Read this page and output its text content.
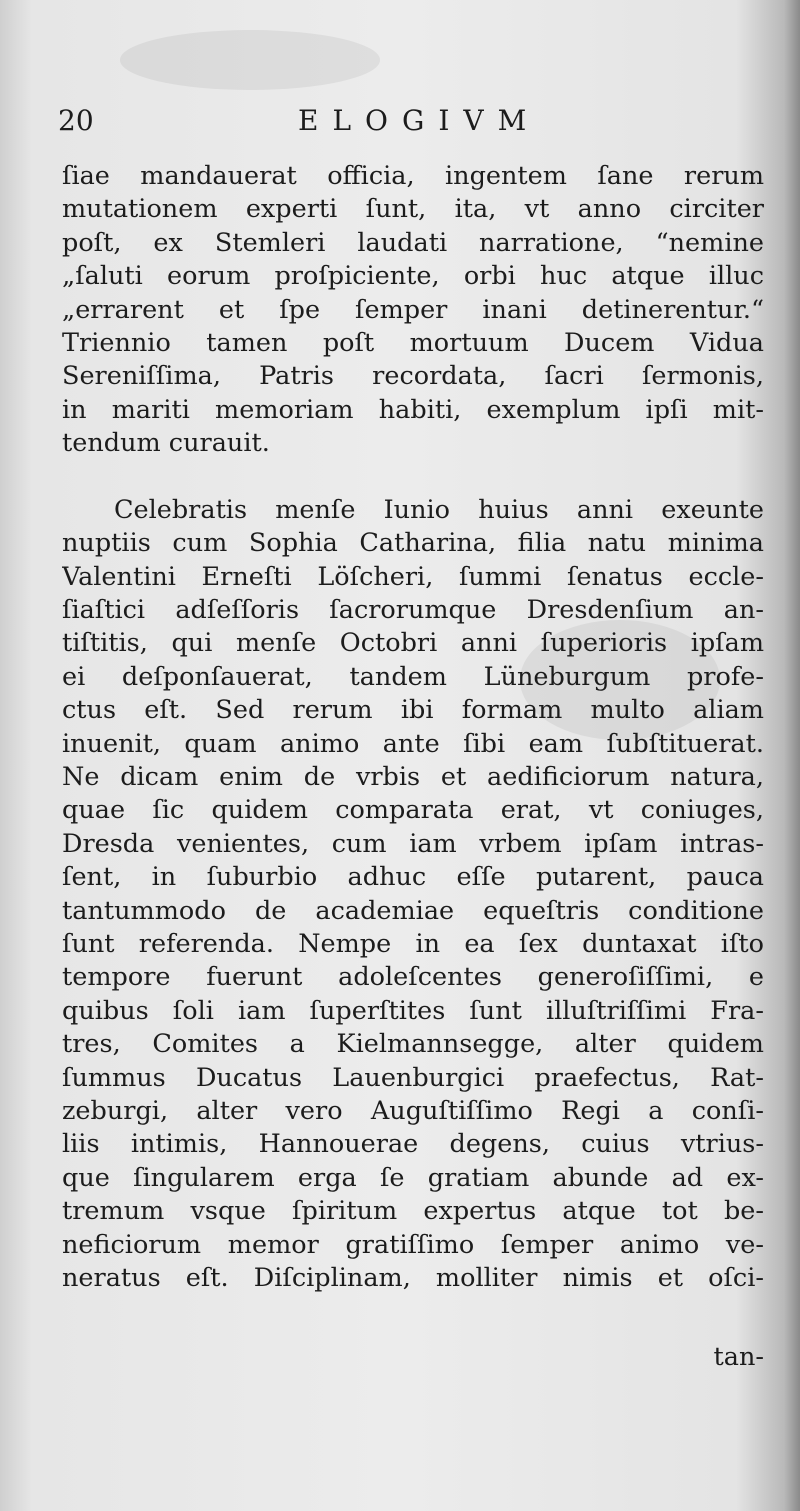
20	ELOGIVM
ſiae mandauerat officia, ingentem ſane rerum
mutationem experti ſunt, ita, vt anno circiter
poſt, ex Stemleri laudati narratione, “nemine
„ſaluti eorum proſpiciente, orbi huc atque illuc
„errarent et ſpe ſemper inani detinerentur.“
Triennio tamen poſt mortuum Ducem Vidua
Sereniſſima, Patris recordata, ſacri ſermonis,
in mariti memoriam habiti, exemplum ipſi mit-
tendum curauit.
Celebratis menſe Iunio huius anni exeunte
nuptiis cum Sophia Catharina, filia natu minima
Valentini Erneſti Löſcheri, ſummi ſenatus eccle-
ſiaſtici adſeſſoris ſacrorumque Dresdenſium an-
tiſtitis, qui menſe Octobri anni ſuperioris ipſam
ei deſponſauerat, tandem Lüneburgum profe-
ctus eſt. Sed rerum ibi formam multo aliam
inuenit, quam animo ante ſibi eam ſubſtituerat.
Ne dicam enim de vrbis et aedificiorum natura,
quae ſic quidem comparata erat, vt coniuges,
Dresda venientes, cum iam vrbem ipſam intras-
ſent, in ſuburbio adhuc eſſe putarent, pauca
tantummodo de academiae equeſtris conditione
ſunt referenda. Nempe in ea ſex duntaxat iſto
tempore fuerunt adoleſcentes generoſiſſimi, e
quibus ſoli iam ſuperſtites ſunt illuſtriſſimi Fra-
tres, Comites a Kielmannsegge, alter quidem
ſummus Ducatus Lauenburgici praefectus, Rat-
zeburgi, alter vero Auguſtiſſimo Regi a conſi-
liis intimis, Hannouerae degens, cuius vtrius-
que ſingularem erga ſe gratiam abunde ad ex-
tremum vsque ſpiritum expertus atque tot be-
neficiorum memor gratiſſimo ſemper animo ve-
neratus eſt. Diſciplinam, molliter nimis et oſci-
tan-
